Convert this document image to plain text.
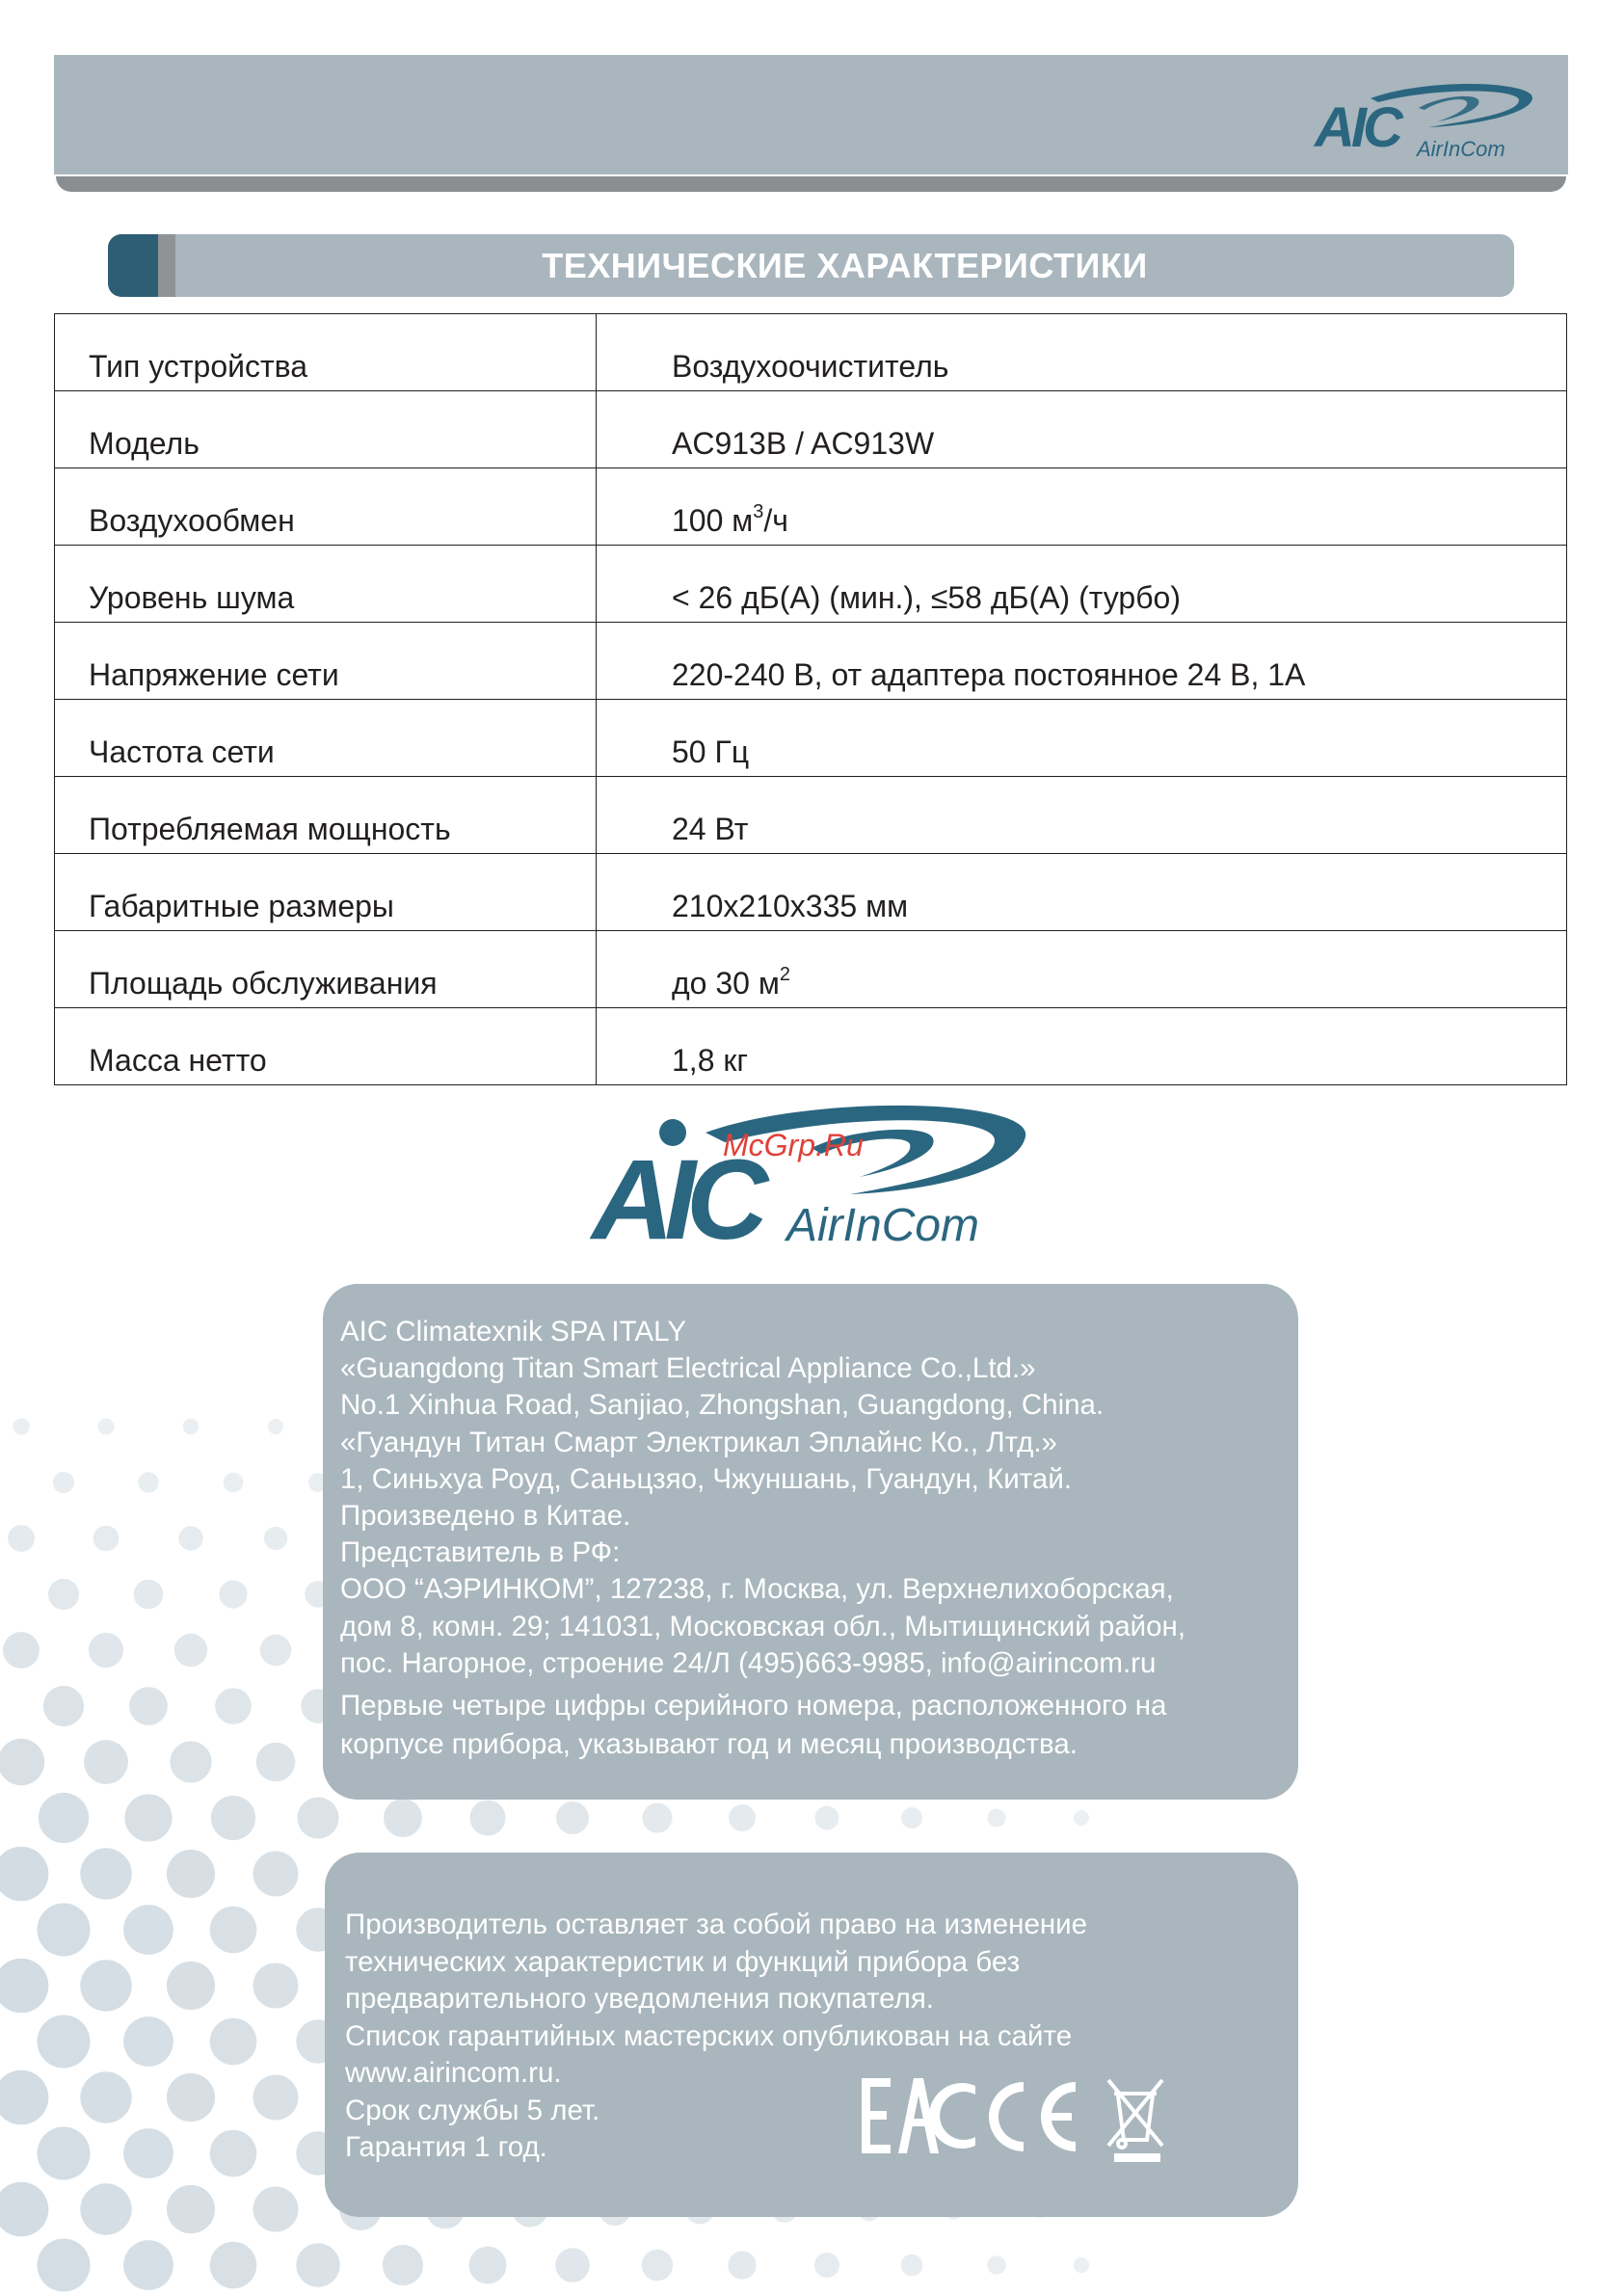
AIC AirInCom
ТЕХНИЧЕСКИЕ ХАРАКТЕРИСТИКИ
Тип устройства	Воздухоочиститель
Модель	AC913B / AC913W
Воздухообмен	100 $м^3/ч$
Уровень шума	< 26 дБ(А) (мин.), ≤58 дБ(А) (турбо)
Напряжение сети	220-240 В, от адаптера постоянное 24 В, 1А
Частота сети	50 Гц
Потребляемая мощность	24 Вт
Габаритные размеры	210х210х335 мм
Площадь обслуживания	до 30 $м^2$
Масса нетто	1,8 кг
AIC AirInCom
McGrp.Ru
AIC Climatexnik SPA ITALY
«Guangdong Titan Smart Electrical Appliance Co.,Ltd.»
No.1 Xinhua Road, Sanjiao, Zhongshan, Guangdong, China.
«Гуандун Титан Смарт Электрикал Эплайнс Ко., Лтд.»
1, Синьхуа Роуд, Саньцзяо, Чжуншань, Гуандун, Китай.
Произведено в Китае.
Представитель в РФ:
ООО “АЭРИНКОМ”, 127238, г. Москва, ул. Верхнелихоборская,
дом 8, комн. 29; 141031, Московская обл., Мытищинский район,
пос. Нагорное, строение 24/Л (495)663-9985, info@airincom.ru
Первые четыре цифры серийного номера, расположенного на
корпусе прибора, указывают год и месяц производства.
Производитель оставляет за собой право на изменение
технических характеристик и функций прибора без
предварительного уведомления покупателя.
Список гарантийных мастерских опубликован на сайте
www.airincom.ru.
Срок службы 5 лет.
Гарантия 1 год.
